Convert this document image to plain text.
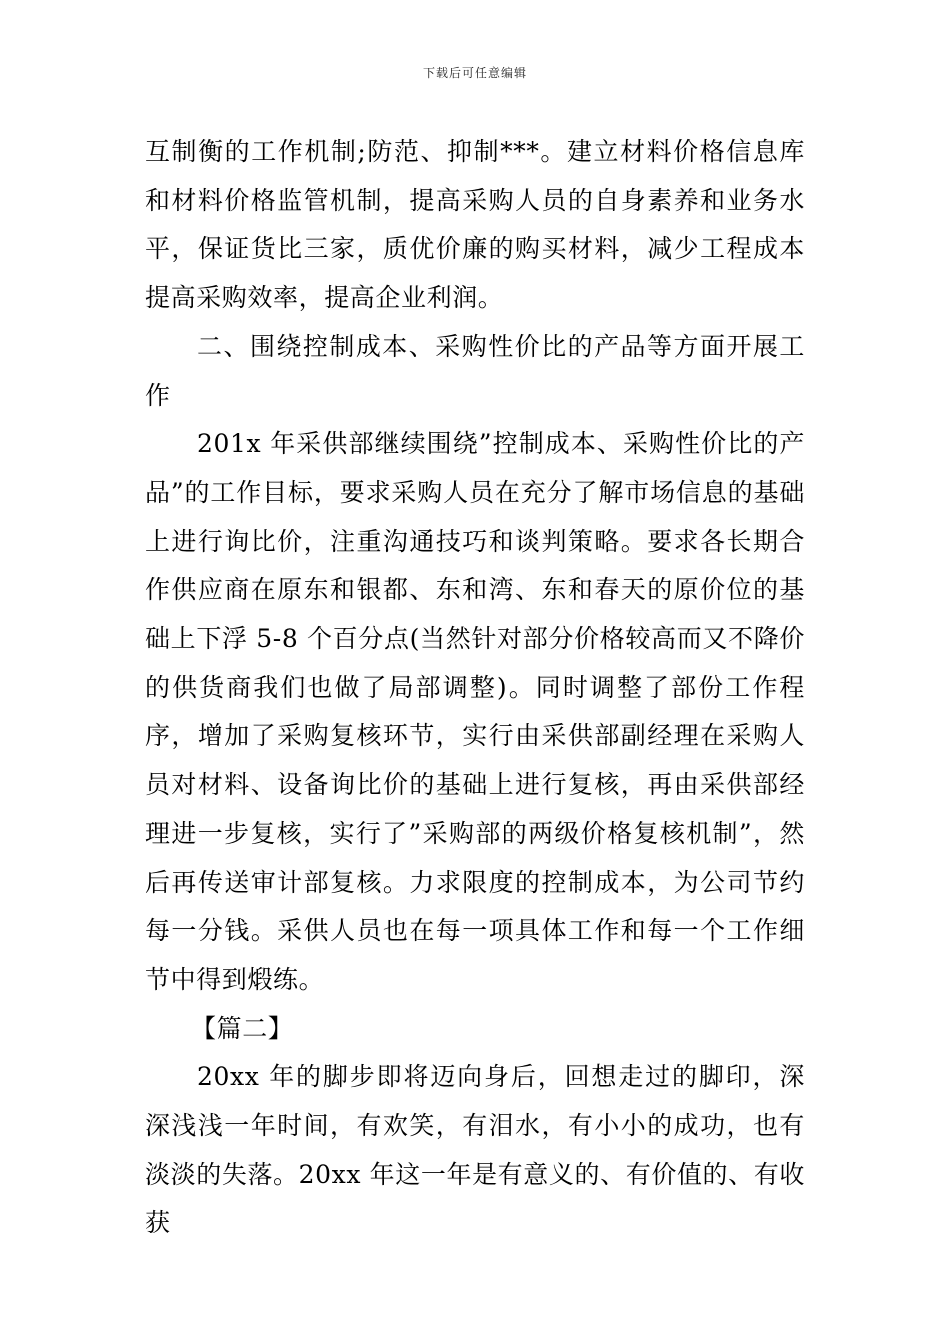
下载后可任意编辑

互制衡的工作机制;防范、抑制***。建立材料价格信息库和材料价格监管机制，提高采购人员的自身素养和业务水平，保证货比三家，质优价廉的购买材料，减少工程成本提高采购效率，提高企业利润。

二、围绕控制成本、采购性价比的产品等方面开展工作

201x 年采供部继续围绕”控制成本、采购性价比的产品”的工作目标，要求采购人员在充分了解市场信息的基础上进行询比价，注重沟通技巧和谈判策略。要求各长期合作供应商在原东和银都、东和湾、东和春天的原价位的基础上下浮 5-8 个百分点(当然针对部分价格较高而又不降价的供货商我们也做了局部调整)。同时调整了部份工作程序，增加了采购复核环节，实行由采供部副经理在采购人员对材料、设备询比价的基础上进行复核，再由采供部经理进一步复核，实行了”采购部的两级价格复核机制”，然后再传送审计部复核。力求限度的控制成本，为公司节约每一分钱。采供人员也在每一项具体工作和每一个工作细节中得到煅练。

【篇二】

20xx 年的脚步即将迈向身后，回想走过的脚印，深深浅浅一年时间，有欢笑，有泪水，有小小的成功，也有淡淡的失落。20xx 年这一年是有意义的、有价值的、有收获
